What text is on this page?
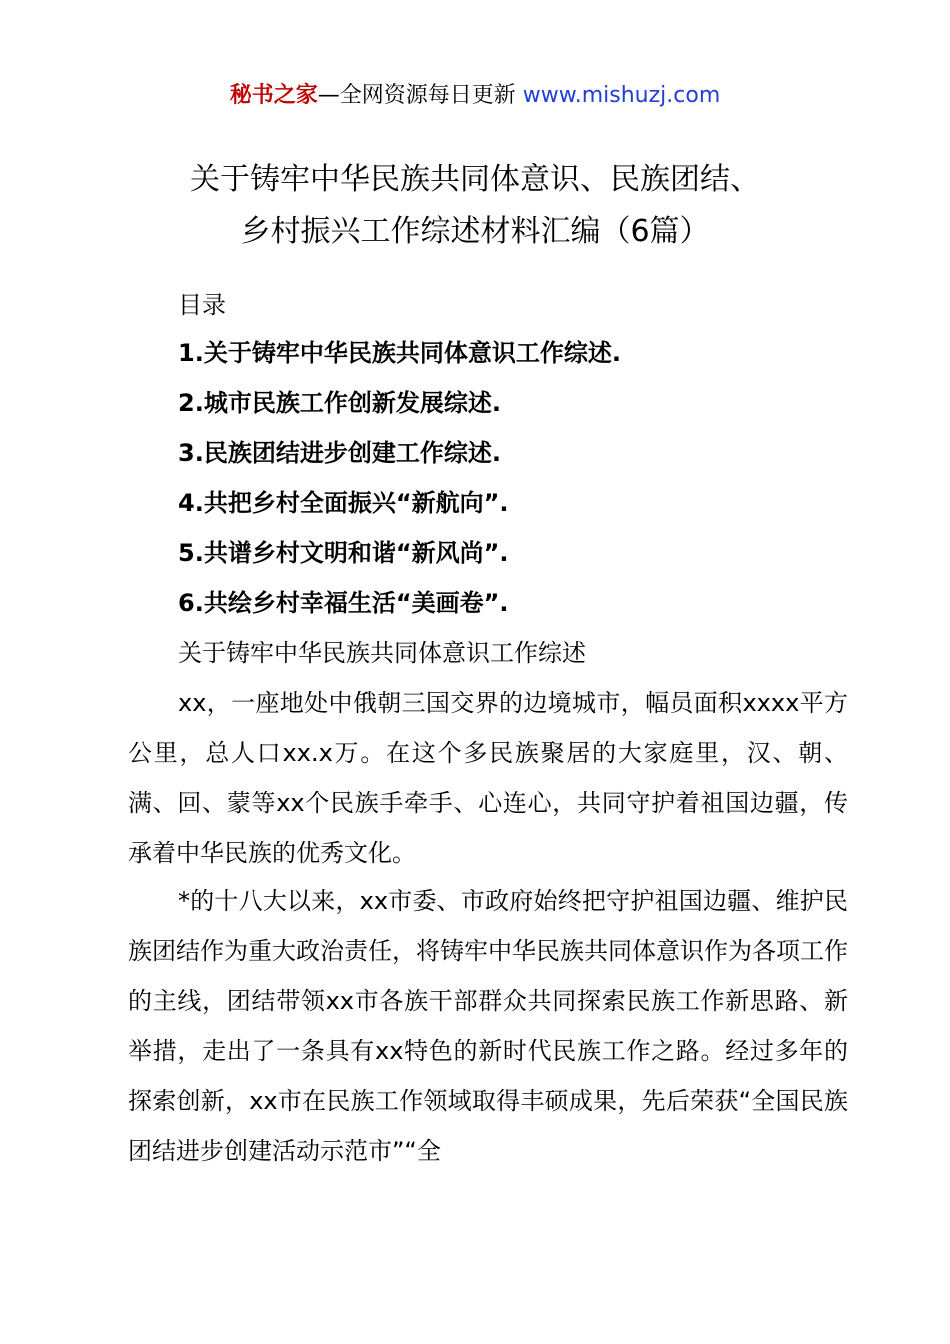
秘书之家—全网资源每日更新 www.mishuzj.com
关于铸牢中华民族共同体意识、民族团结、
乡村振兴工作综述材料汇编（6篇）
目录
1.关于铸牢中华民族共同体意识工作综述.
2.城市民族工作创新发展综述.
3.民族团结进步创建工作综述.
4.共把乡村全面振兴“新航向”.
5.共谱乡村文明和谐“新风尚”.
6.共绘乡村幸福生活“美画卷”.
关于铸牢中华民族共同体意识工作综述

xx，一座地处中俄朝三国交界的边境城市，幅员面积xxxx平方公里，总人口xx.x万。在这个多民族聚居的大家庭里，汉、朝、满、回、蒙等xx个民族手牵手、心连心，共同守护着祖国边疆，传承着中华民族的优秀文化。

*的十八大以来，xx市委、市政府始终把守护祖国边疆、维护民族团结作为重大政治责任，将铸牢中华民族共同体意识作为各项工作的主线，团结带领xx市各族干部群众共同探索民族工作新思路、新举措，走出了一条具有xx特色的新时代民族工作之路。经过多年的探索创新，xx市在民族工作领域取得丰硕成果，先后荣获“全国民族团结进步创建活动示范市”“全
